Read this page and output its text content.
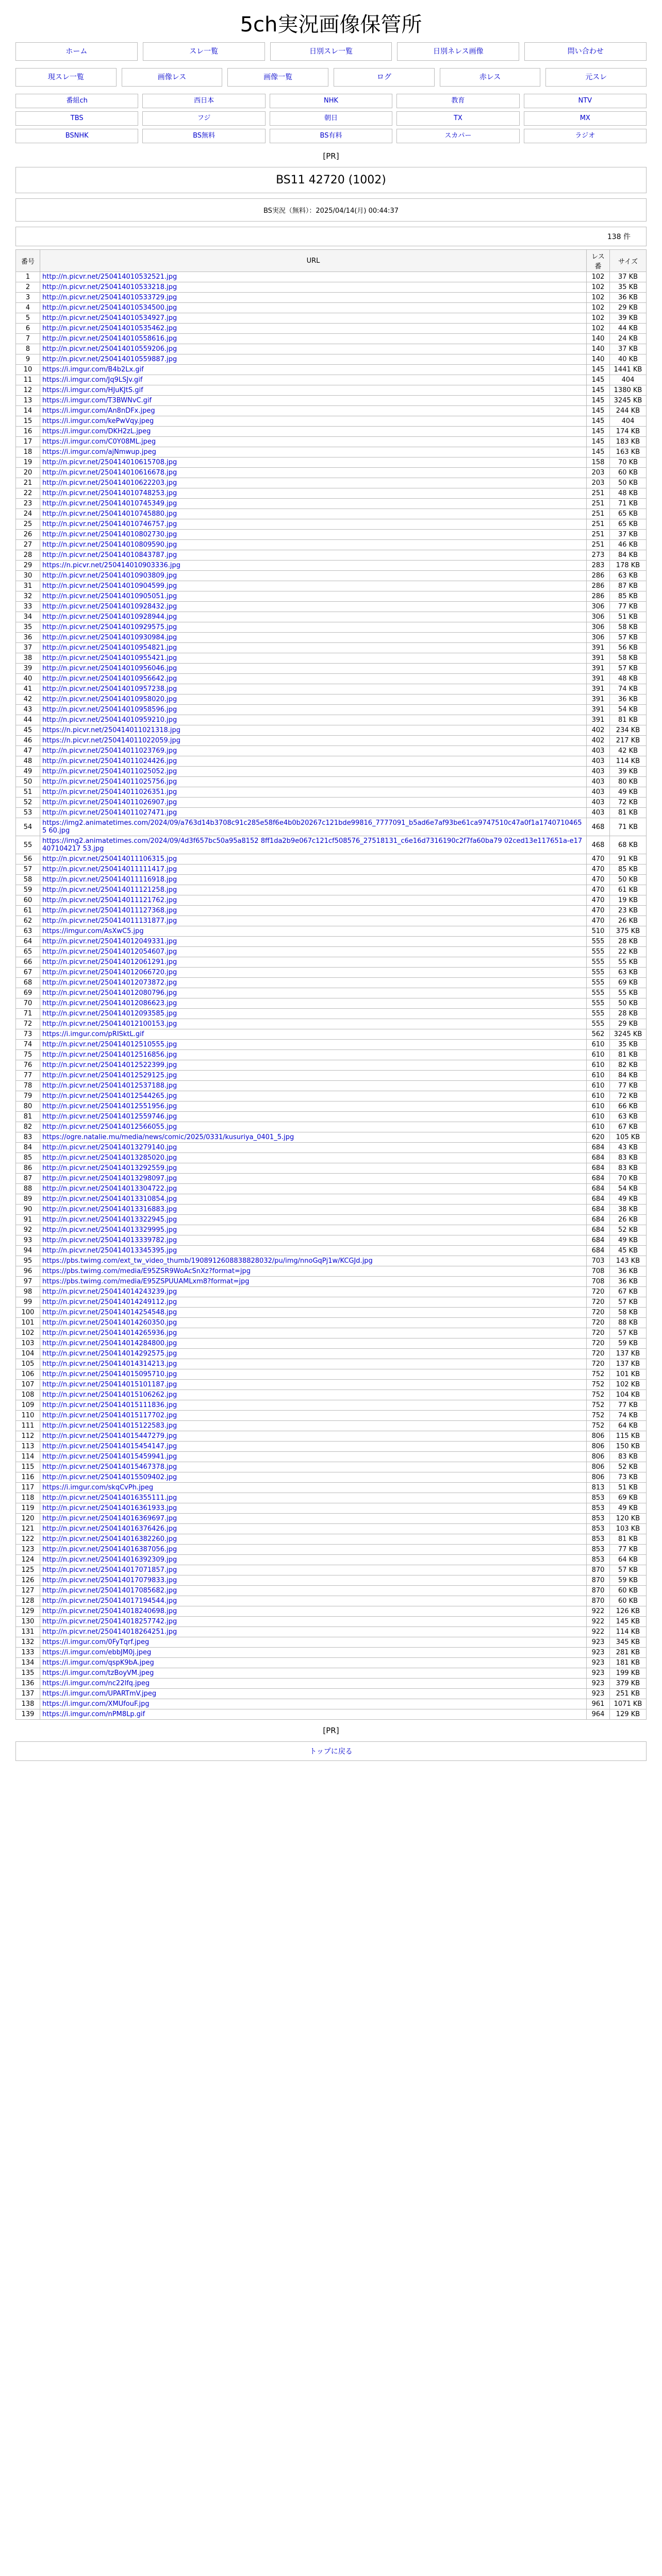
5ch実況画像保管所
ホーム	スレ一覧	日別スレ一覧	日別ネレス画像	問い合わせ
現スレ一覧	画像レス	画像一覧	ログ	赤レス	元スレ
番組ch	西日本	NHK	教育	NTV
TBS	フジ	朝日	TX	MX
BSNHK	BS無料	BS有料	スカパー	ラジオ
[PR]
BS11 42720 (1002)
BS実況（無料）：2025/04/14(月) 00:44:37
138 件
番号	URL	レス番	サイズ
1	http://n.picvr.net/250414010532521.jpg	102	37 KB
2	http://n.picvr.net/250414010533218.jpg	102	35 KB
3	http://n.picvr.net/250414010533729.jpg	102	36 KB
4	http://n.picvr.net/250414010534500.jpg	102	29 KB
5	http://n.picvr.net/250414010534927.jpg	102	39 KB
6	http://n.picvr.net/250414010535462.jpg	102	44 KB
7	http://n.picvr.net/250414010558616.jpg	140	24 KB
8	http://n.picvr.net/250414010559206.jpg	140	37 KB
9	http://n.picvr.net/250414010559887.jpg	140	40 KB
10	https://i.imgur.com/B4b2Lx.gif	145	1441 KB
11	https://i.imgur.com/Jq9LSJv.gif	145	404
12	https://i.imgur.com/HJuKJtS.gif	145	1380 KB
13	https://i.imgur.com/T3BWNvC.gif	145	3245 KB
14	https://i.imgur.com/An8nDFx.jpeg	145	244 KB
15	https://i.imgur.com/kePwVqy.jpeg	145	404
16	https://i.imgur.com/DKH2zL.jpeg	145	174 KB
17	https://i.imgur.com/C0Y08ML.jpeg	145	183 KB
18	https://i.imgur.com/ajNmwup.jpeg	145	163 KB
19	http://n.picvr.net/250414010615708.jpg	158	70 KB
20	http://n.picvr.net/250414010616678.jpg	203	60 KB
21	http://n.picvr.net/250414010622203.jpg	203	50 KB
22	http://n.picvr.net/250414010748253.jpg	251	48 KB
23	http://n.picvr.net/250414010745349.jpg	251	71 KB
24	http://n.picvr.net/250414010745880.jpg	251	65 KB
25	http://n.picvr.net/250414010746757.jpg	251	65 KB
26	http://n.picvr.net/250414010802730.jpg	251	37 KB
27	http://n.picvr.net/250414010809590.jpg	251	46 KB
28	http://n.picvr.net/250414010843787.jpg	273	84 KB
29	https://n.picvr.net/250414010903336.jpg	283	178 KB
30	http://n.picvr.net/250414010903809.jpg	286	63 KB
31	http://n.picvr.net/250414010904599.jpg	286	87 KB
32	http://n.picvr.net/250414010905051.jpg	286	85 KB
33	http://n.picvr.net/250414010928432.jpg	306	77 KB
34	http://n.picvr.net/250414010928944.jpg	306	51 KB
35	http://n.picvr.net/250414010929575.jpg	306	58 KB
36	http://n.picvr.net/250414010930984.jpg	306	57 KB
37	http://n.picvr.net/250414010954821.jpg	391	56 KB
38	http://n.picvr.net/250414010955421.jpg	391	58 KB
39	http://n.picvr.net/250414010956046.jpg	391	57 KB
40	http://n.picvr.net/250414010956642.jpg	391	48 KB
41	http://n.picvr.net/250414010957238.jpg	391	74 KB
42	http://n.picvr.net/250414010958020.jpg	391	36 KB
43	http://n.picvr.net/250414010958596.jpg	391	54 KB
44	http://n.picvr.net/250414010959210.jpg	391	81 KB
45	https://n.picvr.net/250414011021318.jpg	402	234 KB
46	https://n.picvr.net/250414011022059.jpg	402	217 KB
47	http://n.picvr.net/250414011023769.jpg	403	42 KB
48	http://n.picvr.net/250414011024426.jpg	403	114 KB
49	http://n.picvr.net/250414011025052.jpg	403	39 KB
50	http://n.picvr.net/250414011025756.jpg	403	80 KB
51	http://n.picvr.net/250414011026351.jpg	403	49 KB
52	http://n.picvr.net/250414011026907.jpg	403	72 KB
53	http://n.picvr.net/250414011027471.jpg	403	81 KB
54	https://img2.animatetimes.com/2024/09/a763d14b3708c91c285e58f6e4b0b20267c121bde99816_7777091_b5ad6e7af93be61ca9747510c47a0f1a17407104655 60.jpg	468	71 KB
55	https://img2.animatetimes.com/2024/09/4d3f657bc50a95a8152 8ff1da2b9e067c121cf508576_27518131_c6e16d7316190c2f7fa60ba79 02ced13e117651a-e17407104217 53.jpg	468	68 KB
56	http://n.picvr.net/250414011106315.jpg	470	91 KB
57	http://n.picvr.net/250414011111417.jpg	470	85 KB
58	http://n.picvr.net/250414011116918.jpg	470	50 KB
59	http://n.picvr.net/250414011121258.jpg	470	61 KB
60	http://n.picvr.net/250414011121762.jpg	470	19 KB
61	http://n.picvr.net/250414011127368.jpg	470	23 KB
62	http://n.picvr.net/250414011131877.jpg	470	26 KB
63	https://imgur.com/AsXwC5.jpg	510	375 KB
64	http://n.picvr.net/250414012049331.jpg	555	28 KB
65	http://n.picvr.net/250414012054607.jpg	555	22 KB
66	http://n.picvr.net/250414012061291.jpg	555	55 KB
67	http://n.picvr.net/250414012066720.jpg	555	63 KB
68	http://n.picvr.net/250414012073872.jpg	555	69 KB
69	http://n.picvr.net/250414012080796.jpg	555	55 KB
70	http://n.picvr.net/250414012086623.jpg	555	50 KB
71	http://n.picvr.net/250414012093585.jpg	555	28 KB
72	http://n.picvr.net/250414012100153.jpg	555	29 KB
73	https://i.imgur.com/pRISktL.gif	562	3245 KB
74	http://n.picvr.net/250414012510555.jpg	610	35 KB
75	http://n.picvr.net/250414012516856.jpg	610	81 KB
76	http://n.picvr.net/250414012522399.jpg	610	82 KB
77	http://n.picvr.net/250414012529125.jpg	610	84 KB
78	http://n.picvr.net/250414012537188.jpg	610	77 KB
79	http://n.picvr.net/250414012544265.jpg	610	72 KB
80	http://n.picvr.net/250414012551956.jpg	610	66 KB
81	http://n.picvr.net/250414012559746.jpg	610	63 KB
82	http://n.picvr.net/250414012566055.jpg	610	67 KB
83	https://ogre.natalie.mu/media/news/comic/2025/0331/kusuriya_0401_5.jpg	620	105 KB
84	http://n.picvr.net/250414013279140.jpg	684	43 KB
85	http://n.picvr.net/250414013285020.jpg	684	83 KB
86	http://n.picvr.net/250414013292559.jpg	684	83 KB
87	http://n.picvr.net/250414013298097.jpg	684	70 KB
88	http://n.picvr.net/250414013304722.jpg	684	54 KB
89	http://n.picvr.net/250414013310854.jpg	684	49 KB
90	http://n.picvr.net/250414013316883.jpg	684	38 KB
91	http://n.picvr.net/250414013322945.jpg	684	26 KB
92	http://n.picvr.net/250414013329995.jpg	684	52 KB
93	http://n.picvr.net/250414013339782.jpg	684	49 KB
94	http://n.picvr.net/250414013345395.jpg	684	45 KB
95	https://pbs.twimg.com/ext_tw_video_thumb/1908912608838828032/pu/img/nnoGqPj1w/KCGJd.jpg	703	143 KB
96	https://pbs.twimg.com/media/E95ZSR9WoAcSnXz?format=jpg	708	36 KB
97	https://pbs.twimg.com/media/E95ZSPUUAMLxm8?format=jpg	708	36 KB
98	http://n.picvr.net/250414014243239.jpg	720	67 KB
99	http://n.picvr.net/250414014249112.jpg	720	57 KB
100	http://n.picvr.net/250414014254548.jpg	720	58 KB
101	http://n.picvr.net/250414014260350.jpg	720	88 KB
102	http://n.picvr.net/250414014265936.jpg	720	57 KB
103	http://n.picvr.net/250414014284800.jpg	720	59 KB
104	http://n.picvr.net/250414014292575.jpg	720	137 KB
105	http://n.picvr.net/250414014314213.jpg	720	137 KB
106	http://n.picvr.net/250414015095710.jpg	752	101 KB
107	http://n.picvr.net/250414015101187.jpg	752	102 KB
108	http://n.picvr.net/250414015106262.jpg	752	104 KB
109	http://n.picvr.net/250414015111836.jpg	752	77 KB
110	http://n.picvr.net/250414015117702.jpg	752	74 KB
111	http://n.picvr.net/250414015122583.jpg	752	64 KB
112	http://n.picvr.net/250414015447279.jpg	806	115 KB
113	http://n.picvr.net/250414015454147.jpg	806	150 KB
114	http://n.picvr.net/250414015459941.jpg	806	83 KB
115	http://n.picvr.net/250414015467378.jpg	806	52 KB
116	http://n.picvr.net/250414015509402.jpg	806	73 KB
117	https://i.imgur.com/skqCvPh.jpeg	813	51 KB
118	http://n.picvr.net/250414016355111.jpg	853	69 KB
119	http://n.picvr.net/250414016361933.jpg	853	49 KB
120	http://n.picvr.net/250414016369697.jpg	853	120 KB
121	http://n.picvr.net/250414016376426.jpg	853	103 KB
122	http://n.picvr.net/250414016382260.jpg	853	81 KB
123	http://n.picvr.net/250414016387056.jpg	853	77 KB
124	http://n.picvr.net/250414016392309.jpg	853	64 KB
125	http://n.picvr.net/250414017071857.jpg	870	57 KB
126	http://n.picvr.net/250414017079833.jpg	870	59 KB
127	http://n.picvr.net/250414017085682.jpg	870	60 KB
128	http://n.picvr.net/250414017194544.jpg	870	60 KB
129	http://n.picvr.net/250414018240698.jpg	922	126 KB
130	http://n.picvr.net/250414018257742.jpg	922	145 KB
131	http://n.picvr.net/250414018264251.jpg	922	114 KB
132	https://i.imgur.com/0FyTqrf.jpeg	923	345 KB
133	https://i.imgur.com/ebbJM0j.jpeg	923	281 KB
134	https://i.imgur.com/qspK9bA.jpeg	923	181 KB
135	https://i.imgur.com/tzBoyVM.jpeg	923	199 KB
136	https://i.imgur.com/nc22lfq.jpeg	923	379 KB
137	https://i.imgur.com/UPARTmV.jpeg	923	251 KB
138	https://i.imgur.com/XMUfouF.jpg	961	1071 KB
139	https://i.imgur.com/nPM8Lp.gif	964	129 KB
[PR]
トップに戻る
